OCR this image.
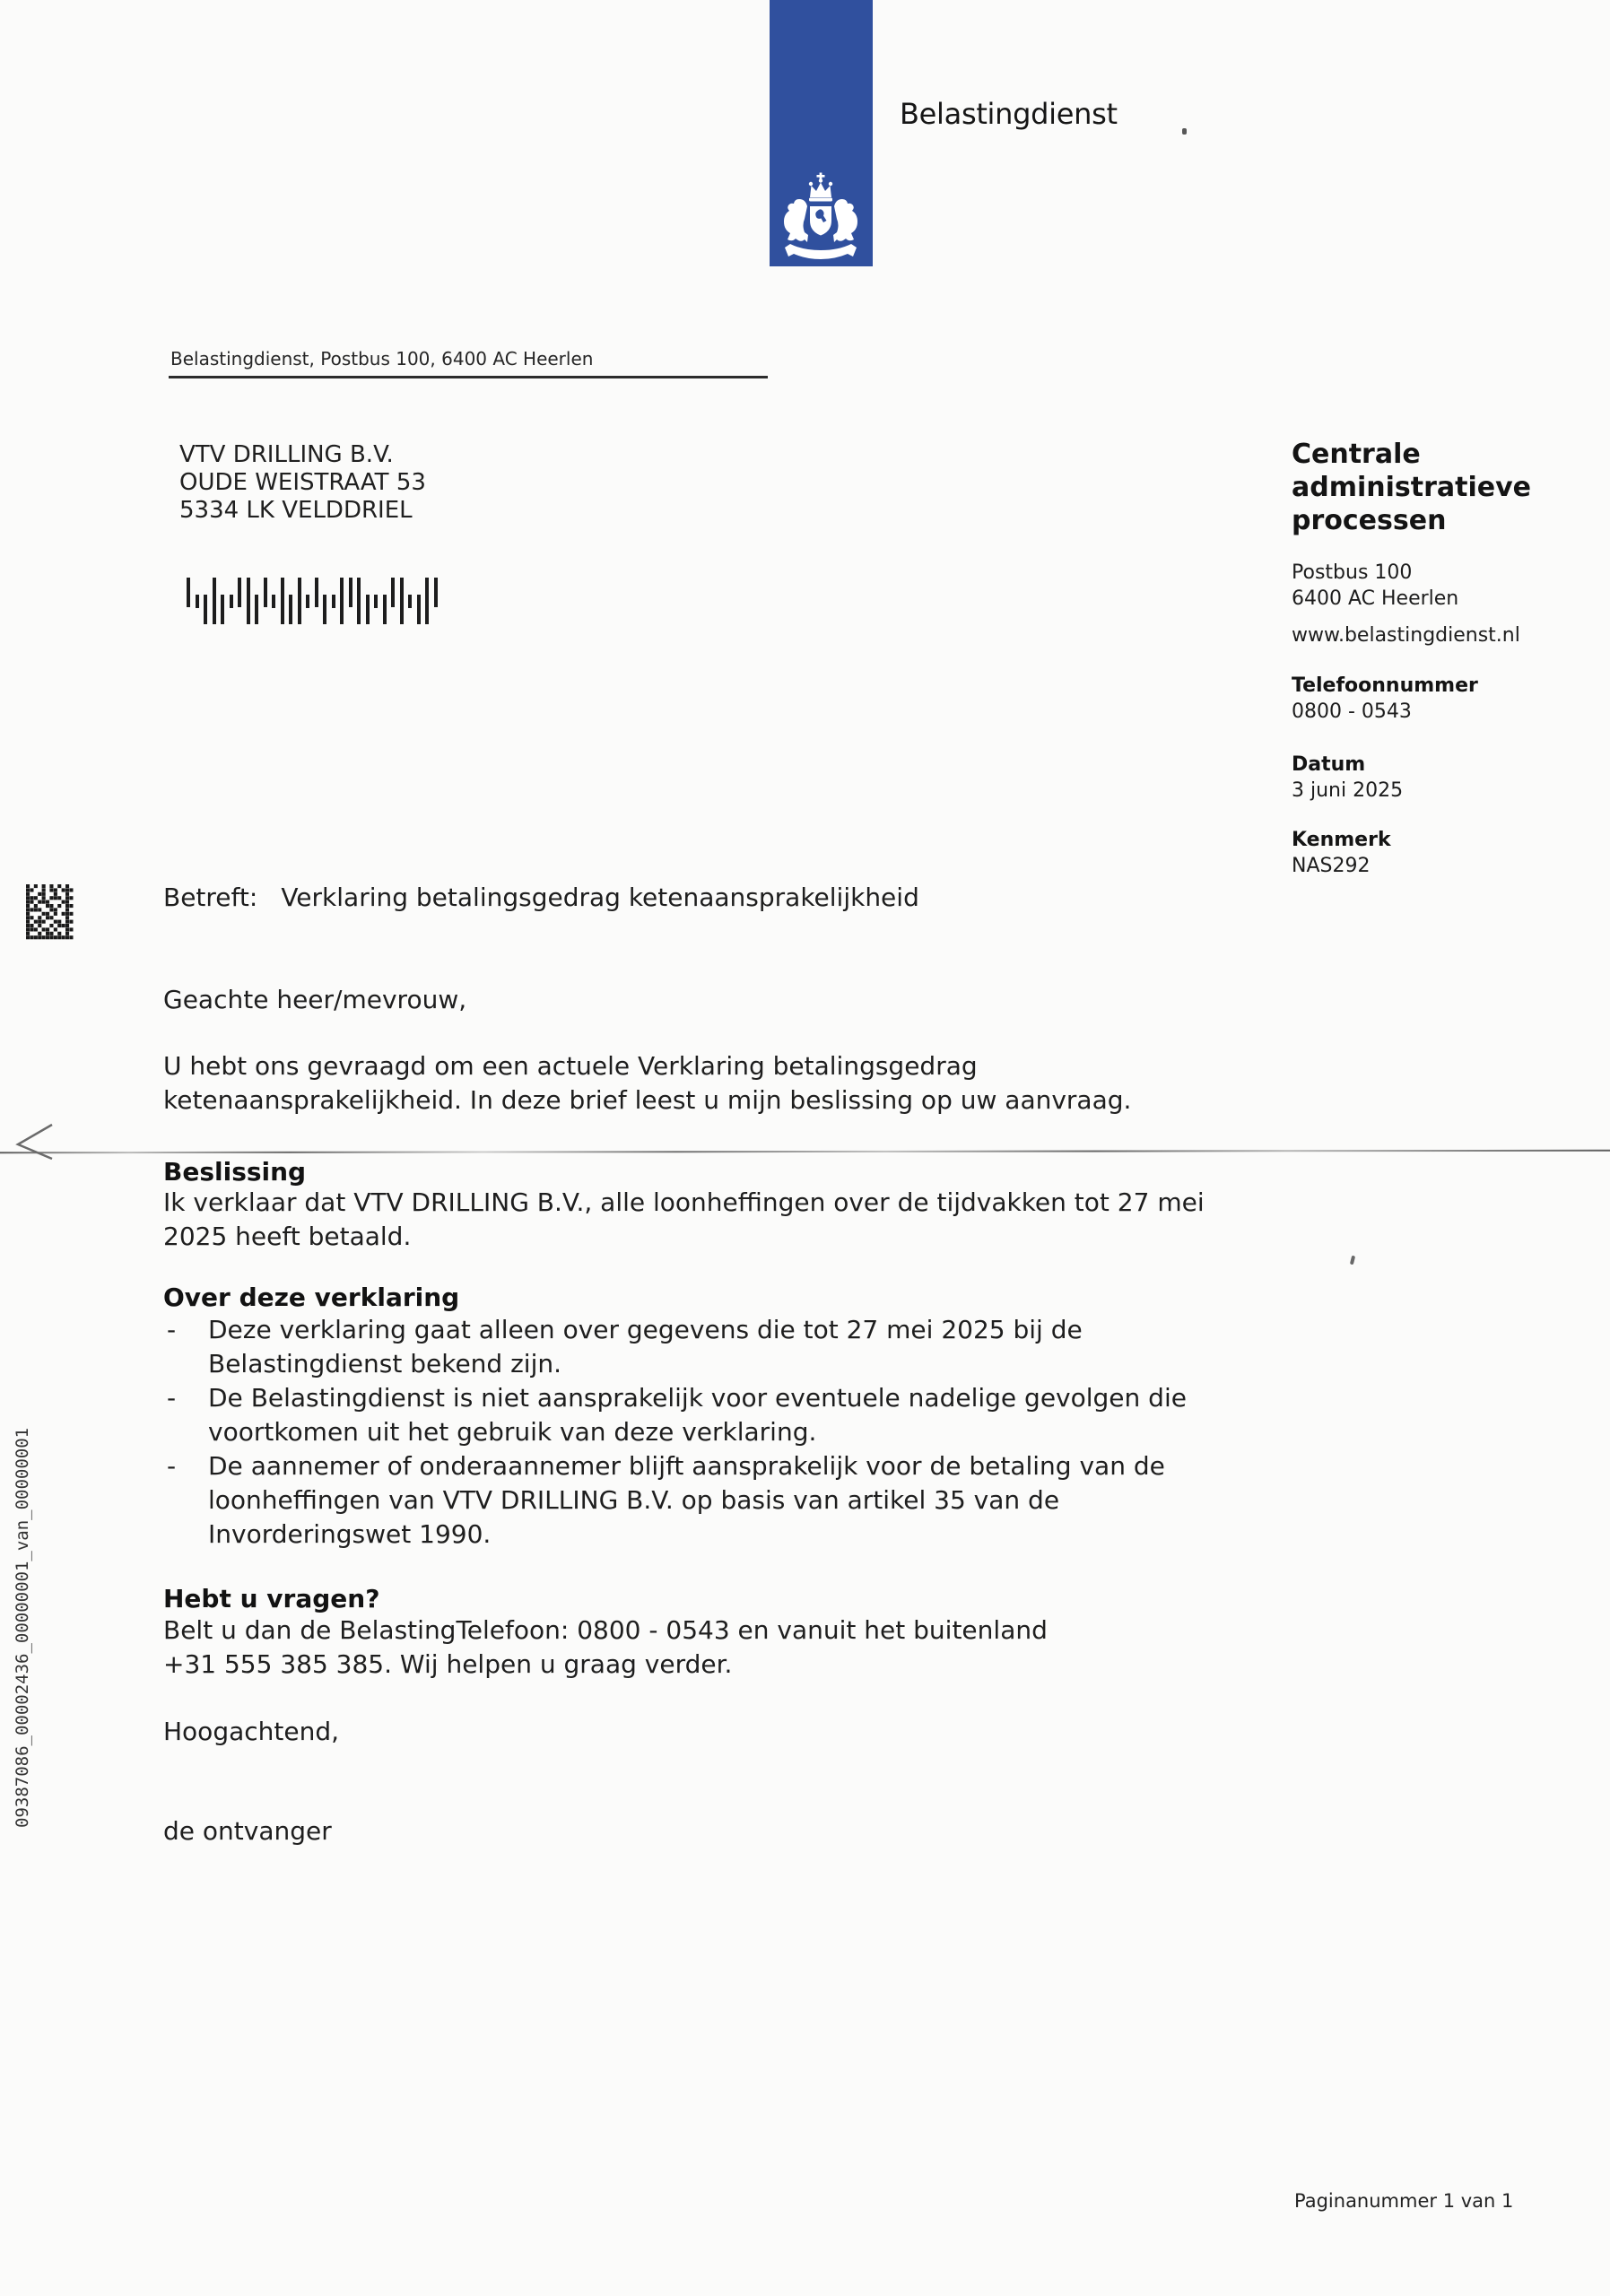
Belastingdienst
Belastingdienst, Postbus 100, 6400 AC Heerlen
VTV DRILLING B.V.
OUDE WEISTRAAT 53
5334 LK VELDDRIEL
Centrale administratieve processen
Postbus 100
6400 AC Heerlen
www.belastingdienst.nl
Telefoonnummer
0800 - 0543
Datum
3 juni 2025
Kenmerk
NAS292
Betreft: Verklaring betalingsgedrag ketenaansprakelijkheid
Geachte heer/mevrouw,
U hebt ons gevraagd om een actuele Verklaring betalingsgedrag
ketenaansprakelijkheid. In deze brief leest u mijn beslissing op uw aanvraag.
Beslissing
Ik verklaar dat VTV DRILLING B.V., alle loonheffingen over de tijdvakken tot 27 mei
2025 heeft betaald.
Over deze verklaring
- Deze verklaring gaat alleen over gegevens die tot 27 mei 2025 bij de
Belastingdienst bekend zijn.
- De Belastingdienst is niet aansprakelijk voor eventuele nadelige gevolgen die
voortkomen uit het gebruik van deze verklaring.
- De aannemer of onderaannemer blijft aansprakelijk voor de betaling van de
loonheffingen van VTV DRILLING B.V. op basis van artikel 35 van de
Invorderingswet 1990.
Hebt u vragen?
Belt u dan de BelastingTelefoon: 0800 - 0543 en vanuit het buitenland
+31 555 385 385. Wij helpen u graag verder.
Hoogachtend,
de ontvanger
09387086_00002436_00000001_van_00000001
Paginanummer 1 van 1
